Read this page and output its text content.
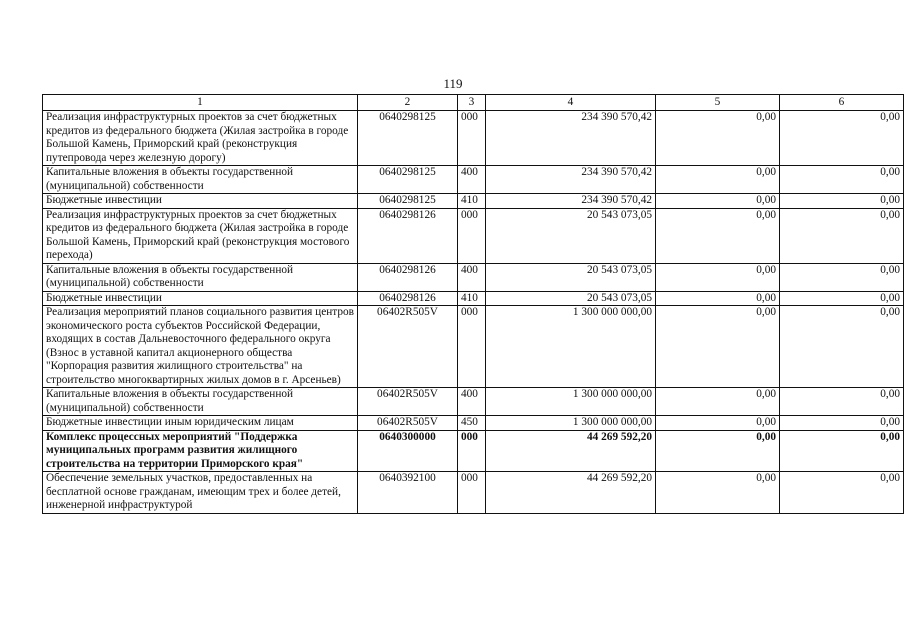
119
1	2	3	4	5	6
Реализация инфраструктурных проектов за счет бюджетных кредитов из федерального бюджета (Жилая застройка в городе Большой Камень, Приморский край (реконструкция путепровода через железную дорогу)	0640298125	000	234 390 570,42	0,00	0,00
Капитальные вложения в объекты государственной (муниципальной) собственности	0640298125	400	234 390 570,42	0,00	0,00
Бюджетные инвестиции	0640298125	410	234 390 570,42	0,00	0,00
Реализация инфраструктурных проектов за счет бюджетных кредитов из федерального бюджета (Жилая застройка в городе Большой Камень, Приморский край (реконструкция мостового перехода)	0640298126	000	20 543 073,05	0,00	0,00
Капитальные вложения в объекты государственной (муниципальной) собственности	0640298126	400	20 543 073,05	0,00	0,00
Бюджетные инвестиции	0640298126	410	20 543 073,05	0,00	0,00
Реализация мероприятий планов социального развития центров экономического роста субъектов Российской Федерации, входящих в состав Дальневосточного федерального округа (Взнос в уставной капитал акционерного общества "Корпорация развития жилищного строительства" на строительство многоквартирных жилых домов в г. Арсеньев)	06402R505V	000	1 300 000 000,00	0,00	0,00
Капитальные вложения в объекты государственной (муниципальной) собственности	06402R505V	400	1 300 000 000,00	0,00	0,00
Бюджетные инвестиции иным юридическим лицам	06402R505V	450	1 300 000 000,00	0,00	0,00
Комплекс процессных мероприятий "Поддержка муниципальных программ развития жилищного строительства на территории Приморского края"	0640300000	000	44 269 592,20	0,00	0,00
Обеспечение земельных участков, предоставленных на бесплатной основе гражданам, имеющим трех и более детей, инженерной инфраструктурой	0640392100	000	44 269 592,20	0,00	0,00
